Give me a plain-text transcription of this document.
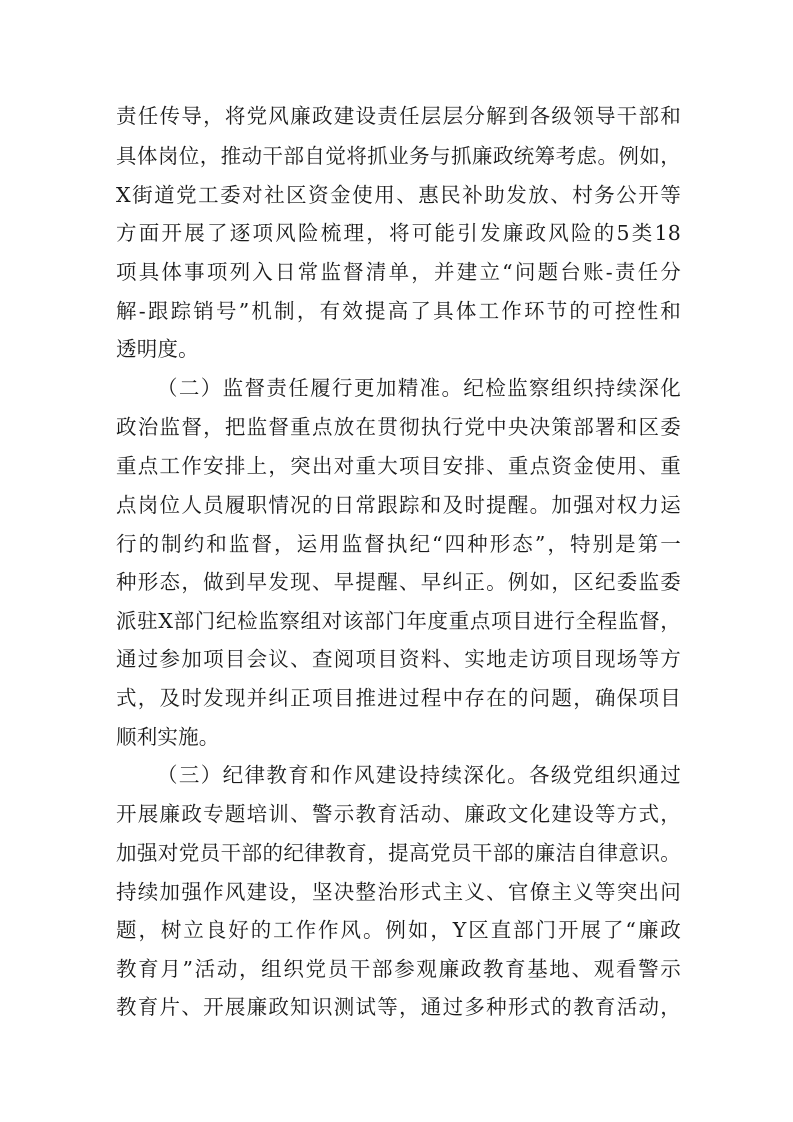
责任传导，将党风廉政建设责任层层分解到各级领导干部和
具体岗位，推动干部自觉将抓业务与抓廉政统筹考虑。例如，
X街道党工委对社区资金使用、惠民补助发放、村务公开等
方面开展了逐项风险梳理，将可能引发廉政风险的5类18
项具体事项列入日常监督清单，并建立“问题台账-责任分
解-跟踪销号”机制，有效提高了具体工作环节的可控性和
透明度。
（二）监督责任履行更加精准。纪检监察组织持续深化
政治监督，把监督重点放在贯彻执行党中央决策部署和区委
重点工作安排上，突出对重大项目安排、重点资金使用、重
点岗位人员履职情况的日常跟踪和及时提醒。加强对权力运
行的制约和监督，运用监督执纪“四种形态”，特别是第一
种形态，做到早发现、早提醒、早纠正。例如，区纪委监委
派驻X部门纪检监察组对该部门年度重点项目进行全程监督，
通过参加项目会议、查阅项目资料、实地走访项目现场等方
式，及时发现并纠正项目推进过程中存在的问题，确保项目
顺利实施。
（三）纪律教育和作风建设持续深化。各级党组织通过
开展廉政专题培训、警示教育活动、廉政文化建设等方式，
加强对党员干部的纪律教育，提高党员干部的廉洁自律意识。
持续加强作风建设，坚决整治形式主义、官僚主义等突出问
题，树立良好的工作作风。例如，Y区直部门开展了“廉政
教育月”活动，组织党员干部参观廉政教育基地、观看警示
教育片、开展廉政知识测试等，通过多种形式的教育活动，
